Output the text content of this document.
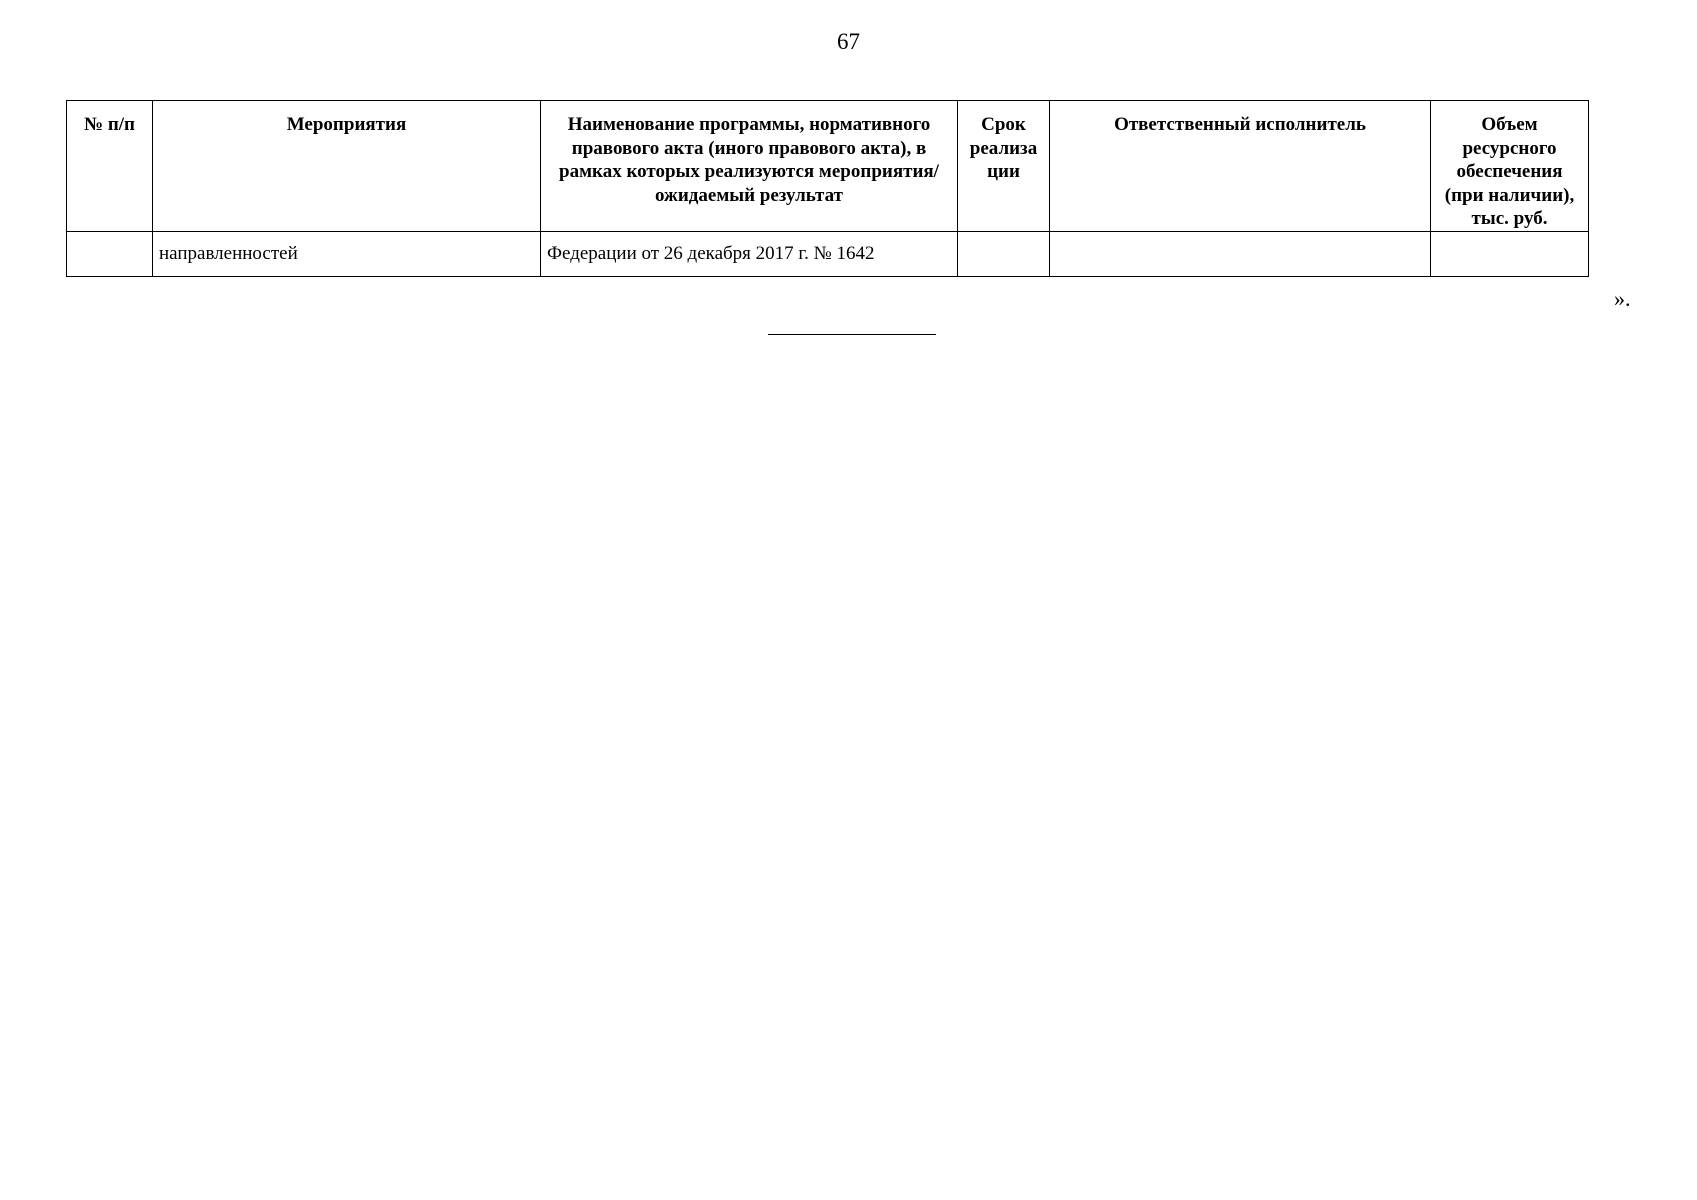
67
№ п/п	Мероприятия	Наименование программы, нормативного правового акта (иного правового акта), в рамках которых реализуются мероприятия/ ожидаемый результат	Срок реализа ции	Ответственный исполнитель	Объем ресурсного обеспечения (при наличии), тыс. руб.
	направленностей	Федерации от 26 декабря 2017 г. № 1642			
».
